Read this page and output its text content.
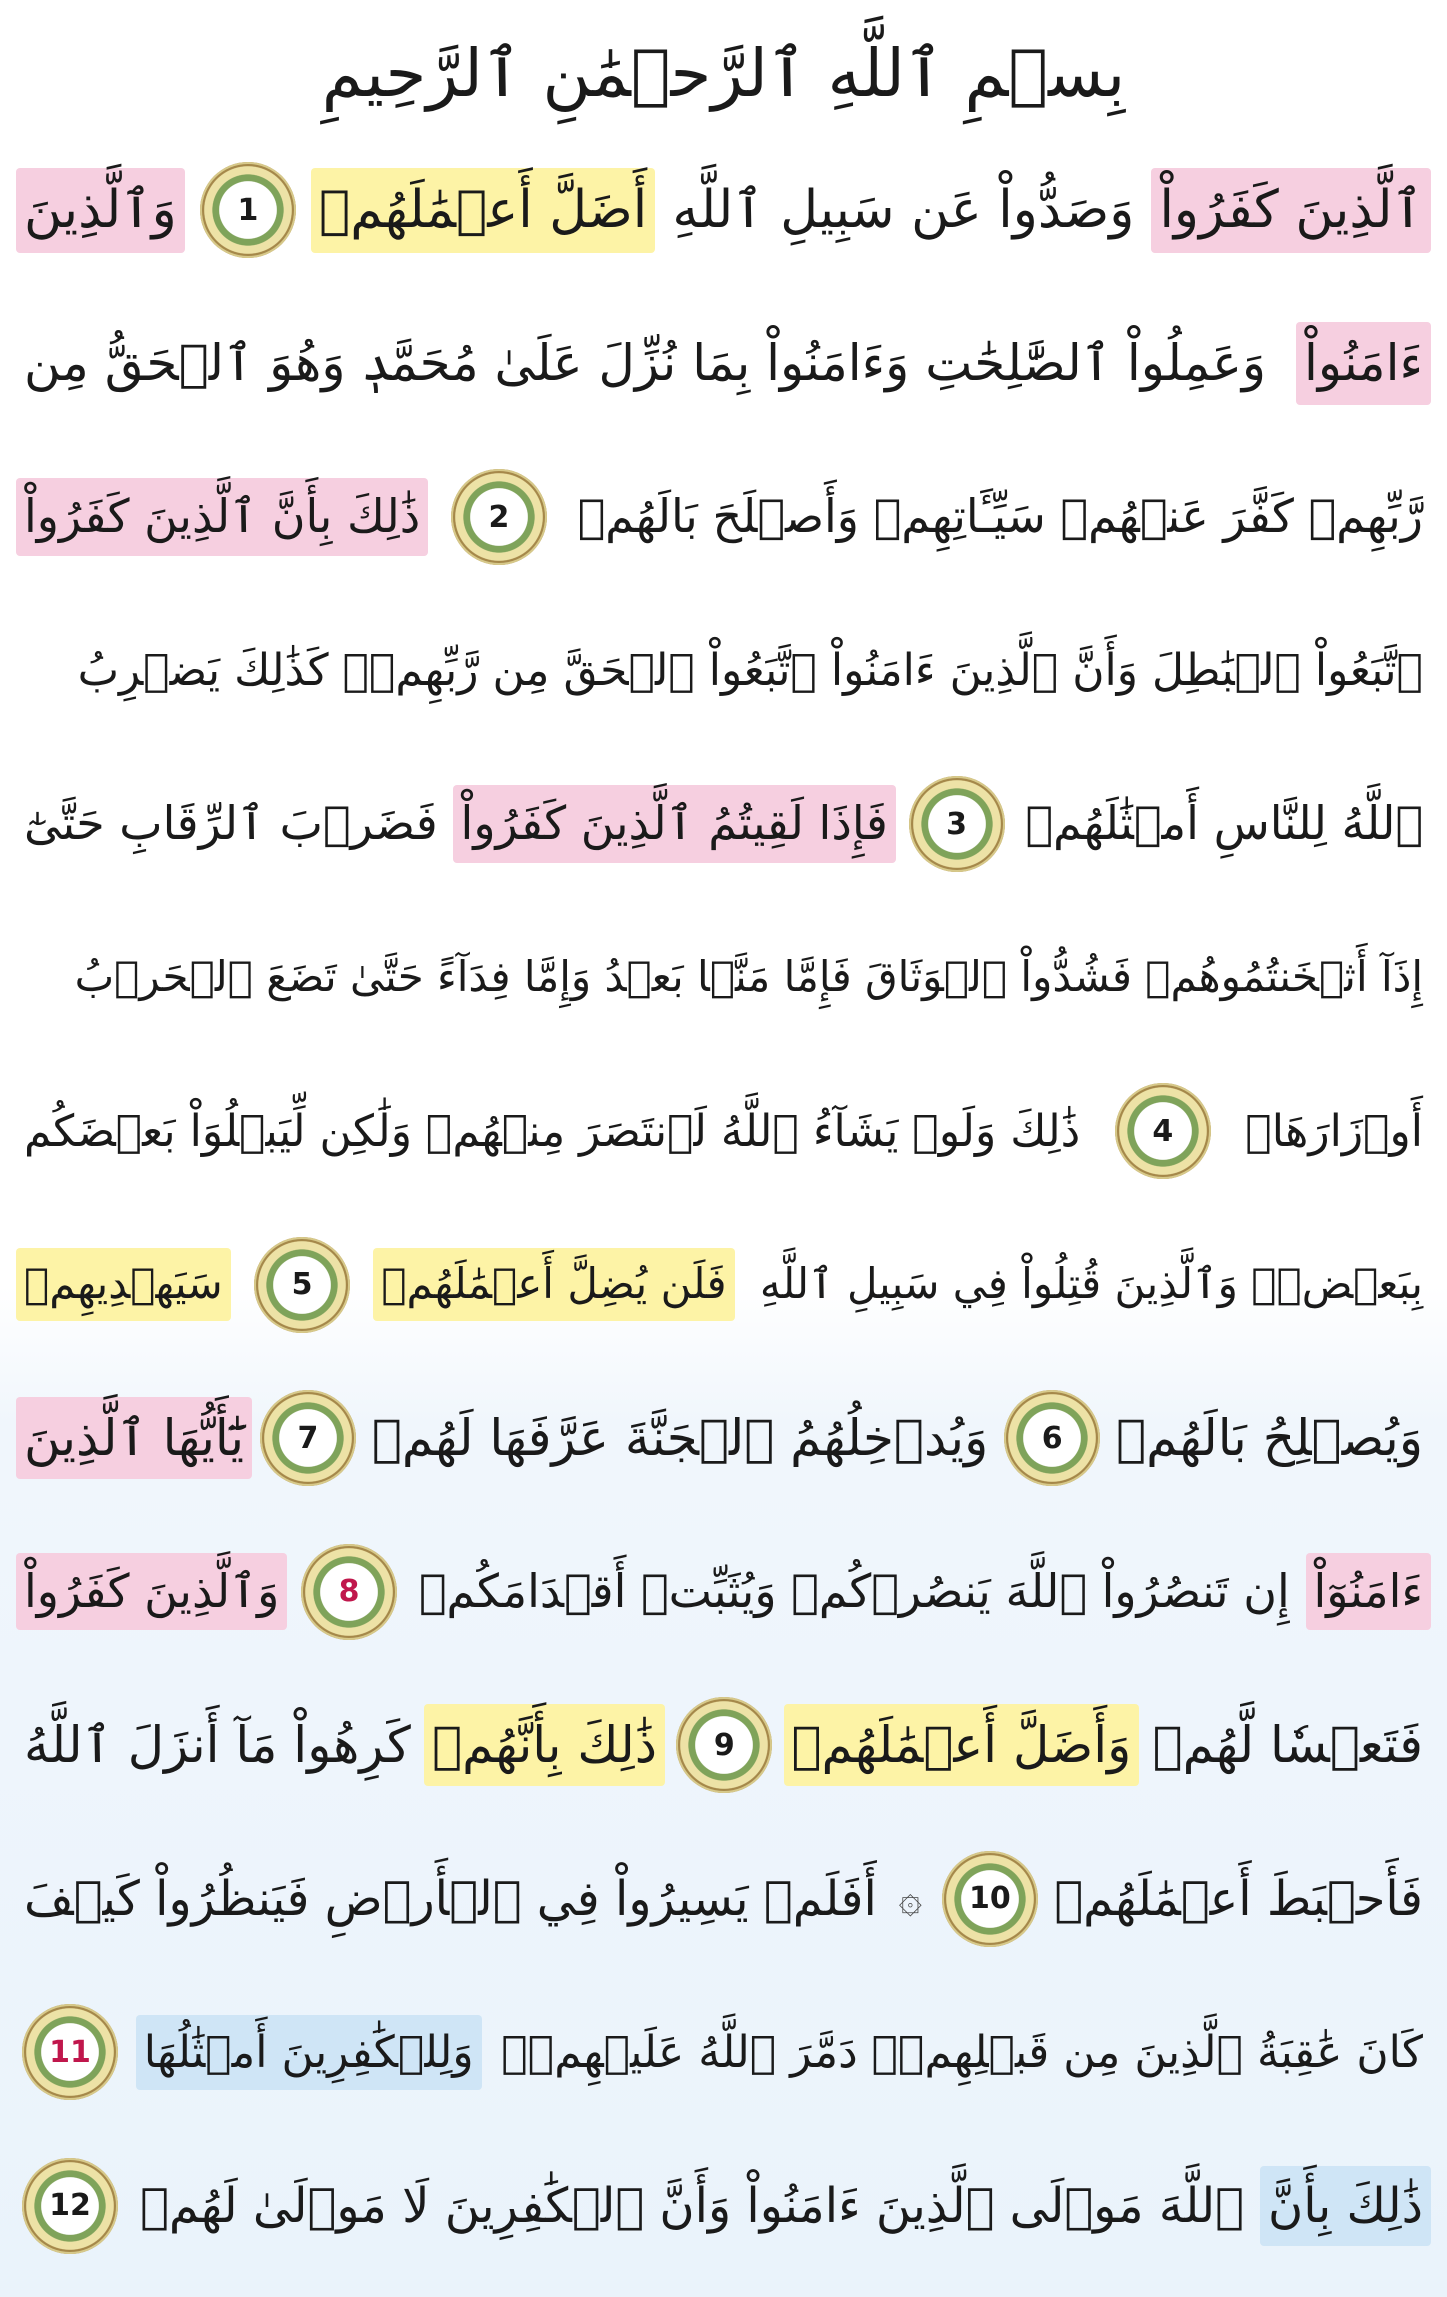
بِسۡمِ ٱللَّهِ ٱلرَّحۡمَٰنِ ٱلرَّحِيمِ
ٱلَّذِينَ كَفَرُواْ
وَصَدُّواْ عَن سَبِيلِ ٱللَّهِ
أَضَلَّ أَعۡمَٰلَهُمۡ
1
وَٱلَّذِينَ
ءَامَنُواْ
وَعَمِلُواْ ٱلصَّٰلِحَٰتِ وَءَامَنُواْ بِمَا نُزِّلَ عَلَىٰ مُحَمَّدٖ وَهُوَ ٱلۡحَقُّ مِن
رَّبِّهِمۡ كَفَّرَ عَنۡهُمۡ سَيِّـَٔاتِهِمۡ وَأَصۡلَحَ بَالَهُمۡ
2
ذَٰلِكَ بِأَنَّ ٱلَّذِينَ كَفَرُواْ
ٱتَّبَعُواْ ٱلۡبَٰطِلَ وَأَنَّ ٱلَّذِينَ ءَامَنُواْ ٱتَّبَعُواْ ٱلۡحَقَّ مِن رَّبِّهِمۡۚ كَذَٰلِكَ يَضۡرِبُ
ٱللَّهُ لِلنَّاسِ أَمۡثَٰلَهُمۡ
3
فَإِذَا لَقِيتُمُ ٱلَّذِينَ كَفَرُواْ
فَضَرۡبَ ٱلرِّقَابِ حَتَّىٰٓ
إِذَآ أَثۡخَنتُمُوهُمۡ فَشُدُّواْ ٱلۡوَثَاقَ فَإِمَّا مَنَّۢا بَعۡدُ وَإِمَّا فِدَآءً حَتَّىٰ تَضَعَ ٱلۡحَرۡبُ
أَوۡزَارَهَاۚ
4
ذَٰلِكَ وَلَوۡ يَشَآءُ ٱللَّهُ لَٱنتَصَرَ مِنۡهُمۡ وَلَٰكِن لِّيَبۡلُوَاْ بَعۡضَكُم
بِبَعۡضٖۗ وَٱلَّذِينَ قُتِلُواْ فِي سَبِيلِ ٱللَّهِ
فَلَن يُضِلَّ أَعۡمَٰلَهُمۡ
5
سَيَهۡدِيهِمۡ
وَيُصۡلِحُ بَالَهُمۡ
6
وَيُدۡخِلُهُمُ ٱلۡجَنَّةَ عَرَّفَهَا لَهُمۡ
7
يَٰٓأَيُّهَا ٱلَّذِينَ
ءَامَنُوٓاْ
إِن تَنصُرُواْ ٱللَّهَ يَنصُرۡكُمۡ وَيُثَبِّتۡ أَقۡدَامَكُمۡ
8
وَٱلَّذِينَ كَفَرُواْ
فَتَعۡسٗا لَّهُمۡ
وَأَضَلَّ أَعۡمَٰلَهُمۡ
9
ذَٰلِكَ بِأَنَّهُمۡ
كَرِهُواْ مَآ أَنزَلَ ٱللَّهُ
فَأَحۡبَطَ أَعۡمَٰلَهُمۡ
10
۞
أَفَلَمۡ يَسِيرُواْ فِي ٱلۡأَرۡضِ فَيَنظُرُواْ كَيۡفَ
كَانَ عَٰقِبَةُ ٱلَّذِينَ مِن قَبۡلِهِمۡۖ دَمَّرَ ٱللَّهُ عَلَيۡهِمۡۖ
وَلِلۡكَٰفِرِينَ أَمۡثَٰلُهَا
11
ذَٰلِكَ بِأَنَّ
ٱللَّهَ مَوۡلَى ٱلَّذِينَ ءَامَنُواْ وَأَنَّ ٱلۡكَٰفِرِينَ لَا مَوۡلَىٰ لَهُمۡ
12
